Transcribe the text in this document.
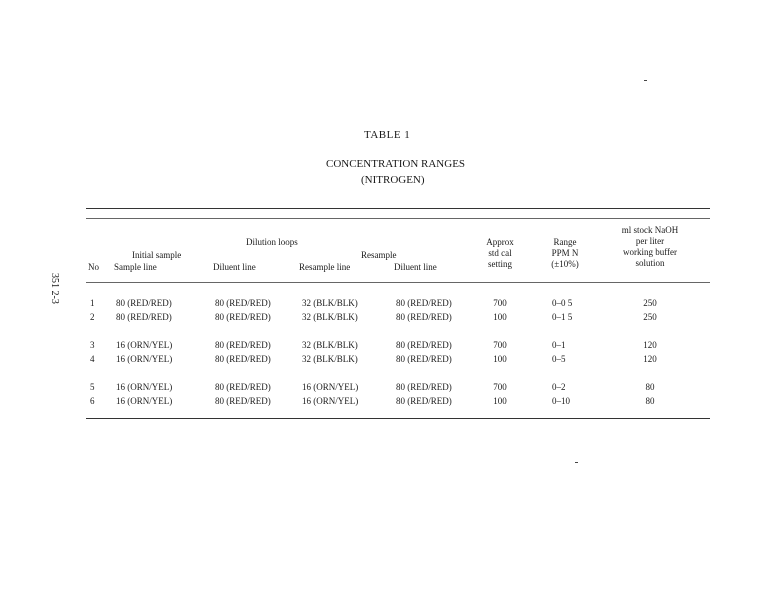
TABLE 1
CONCENTRATION RANGES
(NITROGEN)
351 2-3
Dilution loops
Initial sample	Resample
No Sample line	Diluent line	Resample line	Diluent line
Approx
std cal
setting
Range
PPM N
(±10%)
ml stock NaOH
per liter
working buffer
solution
1 80 (RED/RED)	80 (RED/RED)	32 (BLK/BLK)	80 (RED/RED)	700	0–0 5	250
2 80 (RED/RED)	80 (RED/RED)	32 (BLK/BLK)	80 (RED/RED)	100	0–1 5	250
3 16 (ORN/YEL)	80 (RED/RED)	32 (BLK/BLK)	80 (RED/RED)	700	0–1	120
4 16 (ORN/YEL)	80 (RED/RED)	32 (BLK/BLK)	80 (RED/RED)	100	0–5	120
5 16 (ORN/YEL)	80 (RED/RED)	16 (ORN/YEL)	80 (RED/RED)	700	0–2	80
6 16 (ORN/YEL)	80 (RED/RED)	16 (ORN/YEL)	80 (RED/RED)	100	0–10	80
